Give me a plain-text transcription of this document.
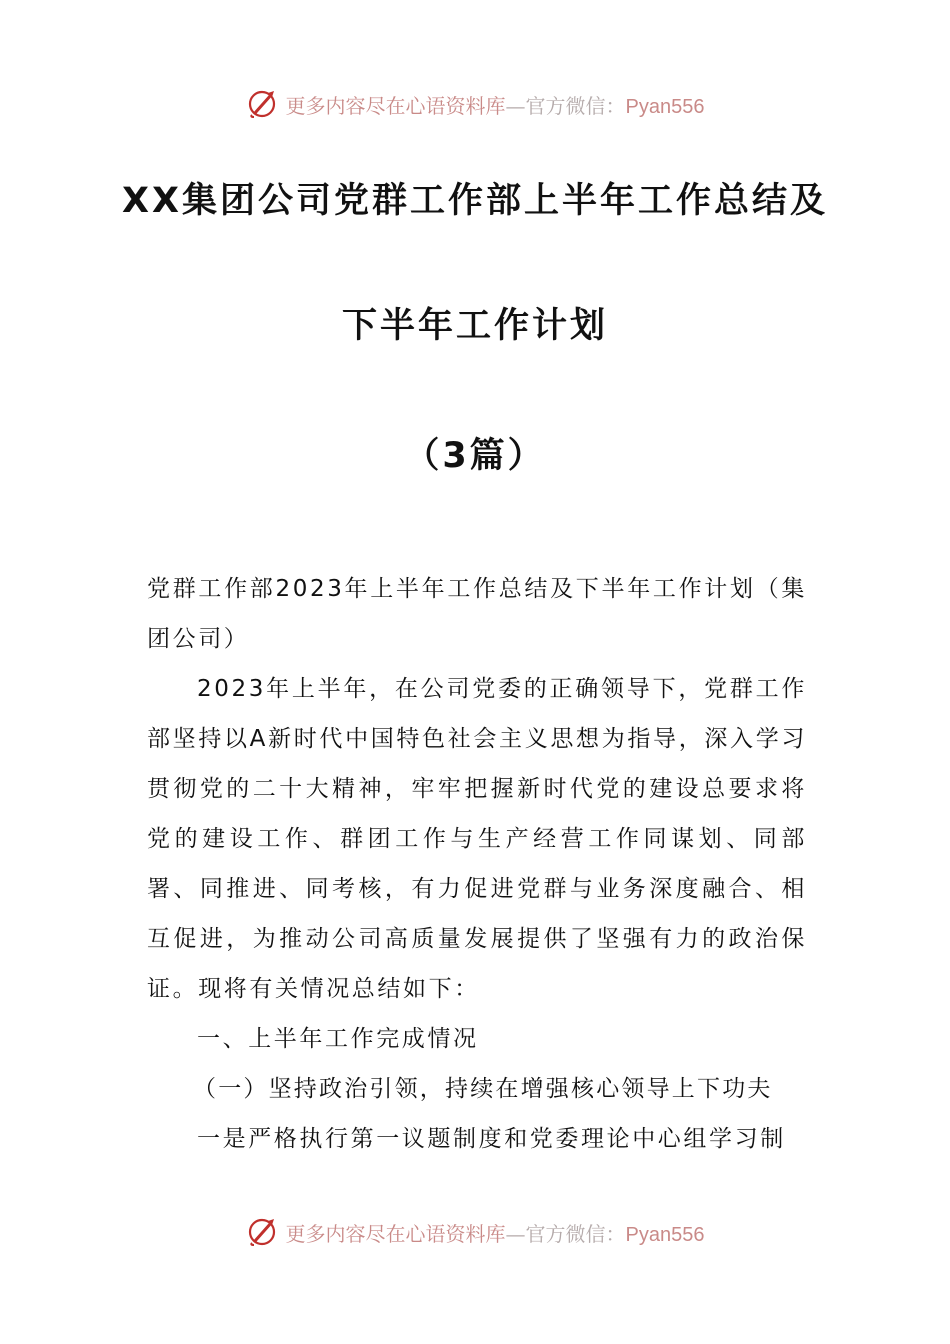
更多内容尽在心语资料库—官方微信：Pyan556
XX集团公司党群工作部上半年工作总结及
下半年工作计划
（3篇）

党群工作部2023年上半年工作总结及下半年工作计划（集团公司）

2023年上半年，在公司党委的正确领导下，党群工作部坚持以A新时代中国特色社会主义思想为指导，深入学习贯彻党的二十大精神，牢牢把握新时代党的建设总要求将党的建设工作、群团工作与生产经营工作同谋划、同部署、同推进、同考核，有力促进党群与业务深度融合、相互促进，为推动公司高质量发展提供了坚强有力的政治保证。现将有关情况总结如下：

一、上半年工作完成情况

（一）坚持政治引领，持续在增强核心领导上下功夫

一是严格执行第一议题制度和党委理论中心组学习制

更多内容尽在心语资料库—官方微信：Pyan556
